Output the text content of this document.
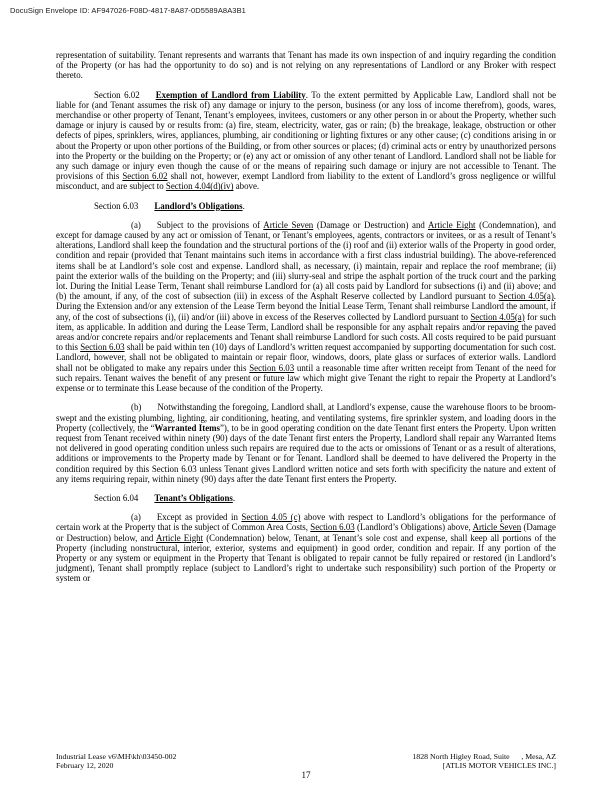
DocuSign Envelope ID: AF947026-F08D-4817-8A87-0D5589A8A3B1

representation of suitability. Tenant represents and warrants that Tenant has made its own inspection of and inquiry regarding the condition of the Property (or has had the opportunity to do so) and is not relying on any representations of Landlord or any Broker with respect thereto.

Section 6.02 Exemption of Landlord from Liability. To the extent permitted by Applicable Law, Landlord shall not be liable for (and Tenant assumes the risk of) any damage or injury to the person, business (or any loss of income therefrom), goods, wares, merchandise or other property of Tenant, Tenant’s employees, invitees, customers or any other person in or about the Property, whether such damage or injury is caused by or results from: (a) fire, steam, electricity, water, gas or rain; (b) the breakage, leakage, obstruction or other defects of pipes, sprinklers, wires, appliances, plumbing, air conditioning or lighting fixtures or any other cause; (c) conditions arising in or about the Property or upon other portions of the Building, or from other sources or places; (d) criminal acts or entry by unauthorized persons into the Property or the building on the Property; or (e) any act or omission of any other tenant of Landlord. Landlord shall not be liable for any such damage or injury even though the cause of or the means of repairing such damage or injury are not accessible to Tenant. The provisions of this Section 6.02 shall not, however, exempt Landlord from liability to the extent of Landlord’s gross negligence or willful misconduct, and are subject to Section 4.04(d)(iv) above.

Section 6.03 Landlord’s Obligations.

(a) Subject to the provisions of Article Seven (Damage or Destruction) and Article Eight (Condemnation), and except for damage caused by any act or omission of Tenant, or Tenant’s employees, agents, contractors or invitees, or as a result of Tenant’s alterations, Landlord shall keep the foundation and the structural portions of the (i) roof and (ii) exterior walls of the Property in good order, condition and repair (provided that Tenant maintains such items in accordance with a first class industrial building). The above-referenced items shall be at Landlord’s sole cost and expense. Landlord shall, as necessary, (i) maintain, repair and replace the roof membrane; (ii) paint the exterior walls of the building on the Property; and (iii) slurry-seal and stripe the asphalt portion of the truck court and the parking lot. During the Initial Lease Term, Tenant shall reimburse Landlord for (a) all costs paid by Landlord for subsections (i) and (ii) above; and (b) the amount, if any, of the cost of subsection (iii) in excess of the Asphalt Reserve collected by Landlord pursuant to Section 4.05(a). During the Extension and/or any extension of the Lease Term beyond the Initial Lease Term, Tenant shall reimburse Landlord the amount, if any, of the cost of subsections (i), (ii) and/or (iii) above in excess of the Reserves collected by Landlord pursuant to Section 4.05(a) for such item, as applicable. In addition and during the Lease Term, Landlord shall be responsible for any asphalt repairs and/or repaving the paved areas and/or concrete repairs and/or replacements and Tenant shall reimburse Landlord for such costs. All costs required to be paid pursuant to this Section 6.03 shall be paid within ten (10) days of Landlord’s written request accompanied by supporting documentation for such cost. Landlord, however, shall not be obligated to maintain or repair floor, windows, doors, plate glass or surfaces of exterior walls. Landlord shall not be obligated to make any repairs under this Section 6.03 until a reasonable time after written receipt from Tenant of the need for such repairs. Tenant waives the benefit of any present or future law which might give Tenant the right to repair the Property at Landlord’s expense or to terminate this Lease because of the condition of the Property.

(b) Notwithstanding the foregoing, Landlord shall, at Landlord’s expense, cause the warehouse floors to be broom-swept and the existing plumbing, lighting, air conditioning, heating, and ventilating systems, fire sprinkler system, and loading doors in the Property (collectively, the “Warranted Items”), to be in good operating condition on the date Tenant first enters the Property. Upon written request from Tenant received within ninety (90) days of the date Tenant first enters the Property, Landlord shall repair any Warranted Items not delivered in good operating condition unless such repairs are required due to the acts or omissions of Tenant or as a result of alterations, additions or improvements to the Property made by Tenant or for Tenant. Landlord shall be deemed to have delivered the Property in the condition required by this Section 6.03 unless Tenant gives Landlord written notice and sets forth with specificity the nature and extent of any items requiring repair, within ninety (90) days after the date Tenant first enters the Property.

Section 6.04 Tenant’s Obligations.

(a) Except as provided in Section 4.05 (c) above with respect to Landlord’s obligations for the performance of certain work at the Property that is the subject of Common Area Costs, Section 6.03 (Landlord’s Obligations) above, Article Seven (Damage or Destruction) below, and Article Eight (Condemnation) below, Tenant, at Tenant’s sole cost and expense, shall keep all portions of the Property (including nonstructural, interior, exterior, systems and equipment) in good order, condition and repair. If any portion of the Property or any system or equipment in the Property that Tenant is obligated to repair cannot be fully repaired or restored (in Landlord’s judgment), Tenant shall promptly replace (subject to Landlord’s right to undertake such responsibility) such portion of the Property or system or

Industrial Lease v6\MH\kh\03450-002
February 12, 2020
1828 North Higley Road, Suite      , Mesa, AZ
[ATLIS MOTOR VEHICLES INC.]
17
